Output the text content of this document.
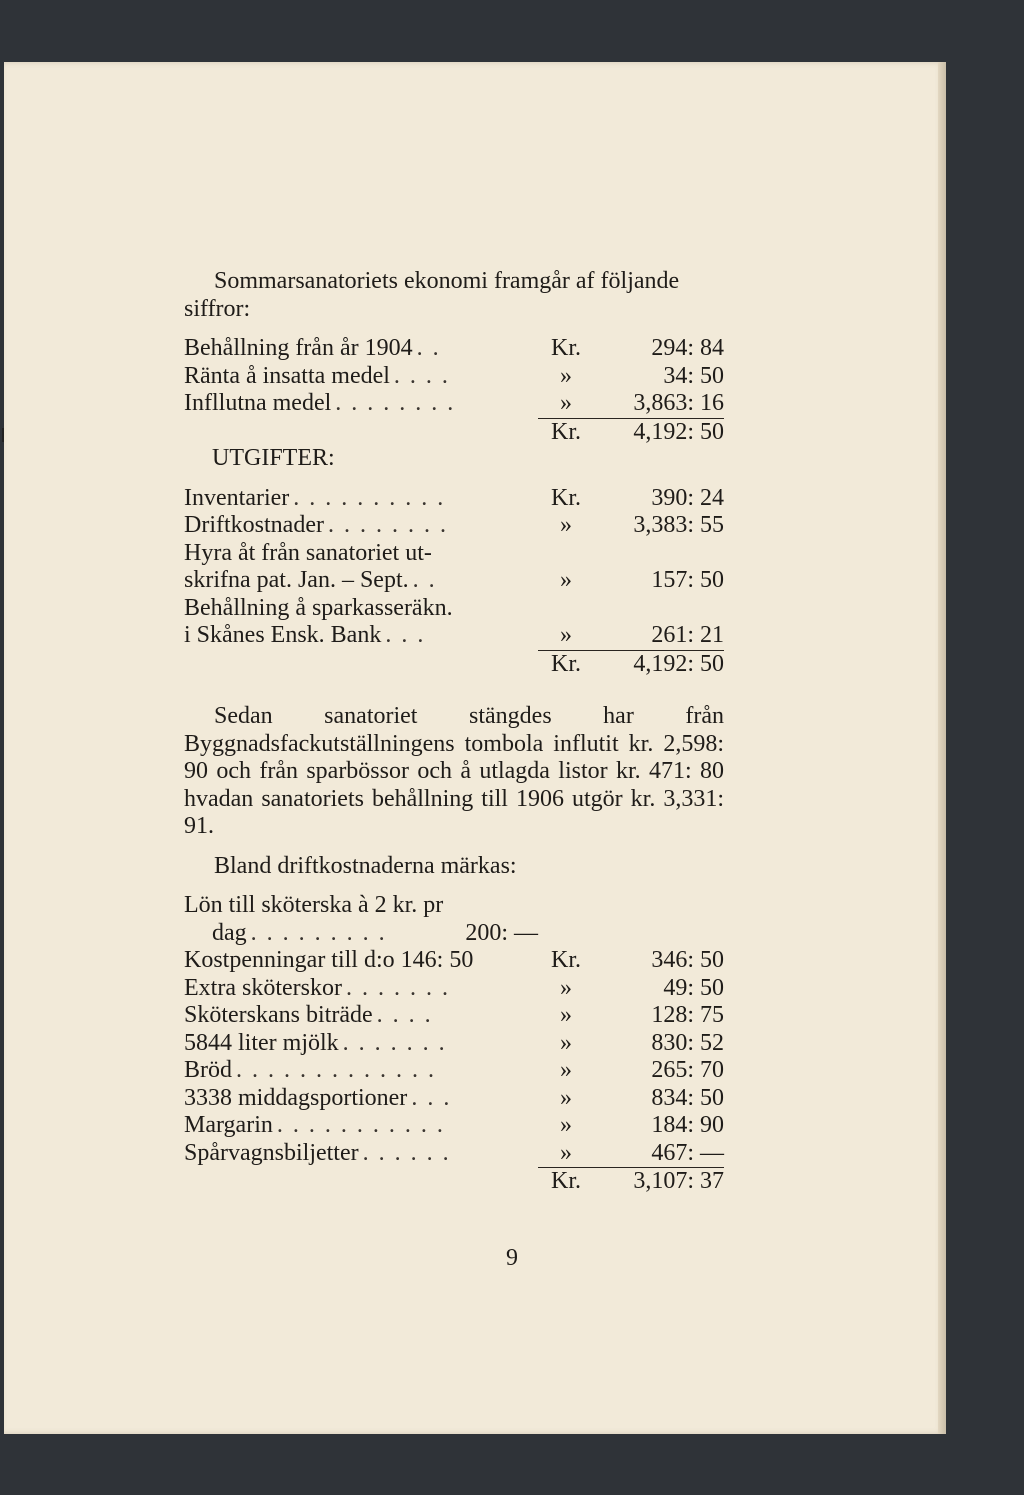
Sommarsanatoriets ekonomi framgår af följande siffror:

Behållning från år 1904 . .	Kr.	294: 84
Ränta å insatta medel . . . .	»	34: 50
Infllutna medel . . . . . . . .	»	3,863: 16
Kr.	4,192: 50

UTGIFTER:

Inventarier . . . . . . . . . .	Kr.	390: 24
Driftkostnader . . . . . . . .	»	3,383: 55
Hyra åt från sanatoriet ut-
skrifna pat. Jan. – Sept. . .	»	157: 50
Behållning å sparkasseräkn.
i Skånes Ensk. Bank . . .	»	261: 21
Kr.	4,192: 50

Sedan sanatoriet stängdes har från Byggnadsfackutställningens tombola influtit kr. 2,598: 90 och från sparbössor och å utlagda listor kr. 471: 80 hvadan sanatoriets behållning till 1906 utgör kr. 3,331: 91.

Bland driftkostnaderna märkas:

Lön till sköterska à 2 kr. pr
dag . . . . . . . . .	200: —
Kostpenningar till d:o 146: 50	Kr.	346: 50
Extra sköterskor . . . . . . .	»	49: 50
Sköterskans biträde . . . .	»	128: 75
5844 liter mjölk . . . . . . .	»	830: 52
Bröd . . . . . . . . . . . . .	»	265: 70
3338 middagsportioner . . .	»	834: 50
Margarin . . . . . . . . . . .	»	184: 90
Spårvagnsbiljetter . . . . . .	»	467: —
Kr.	3,107: 37
9
